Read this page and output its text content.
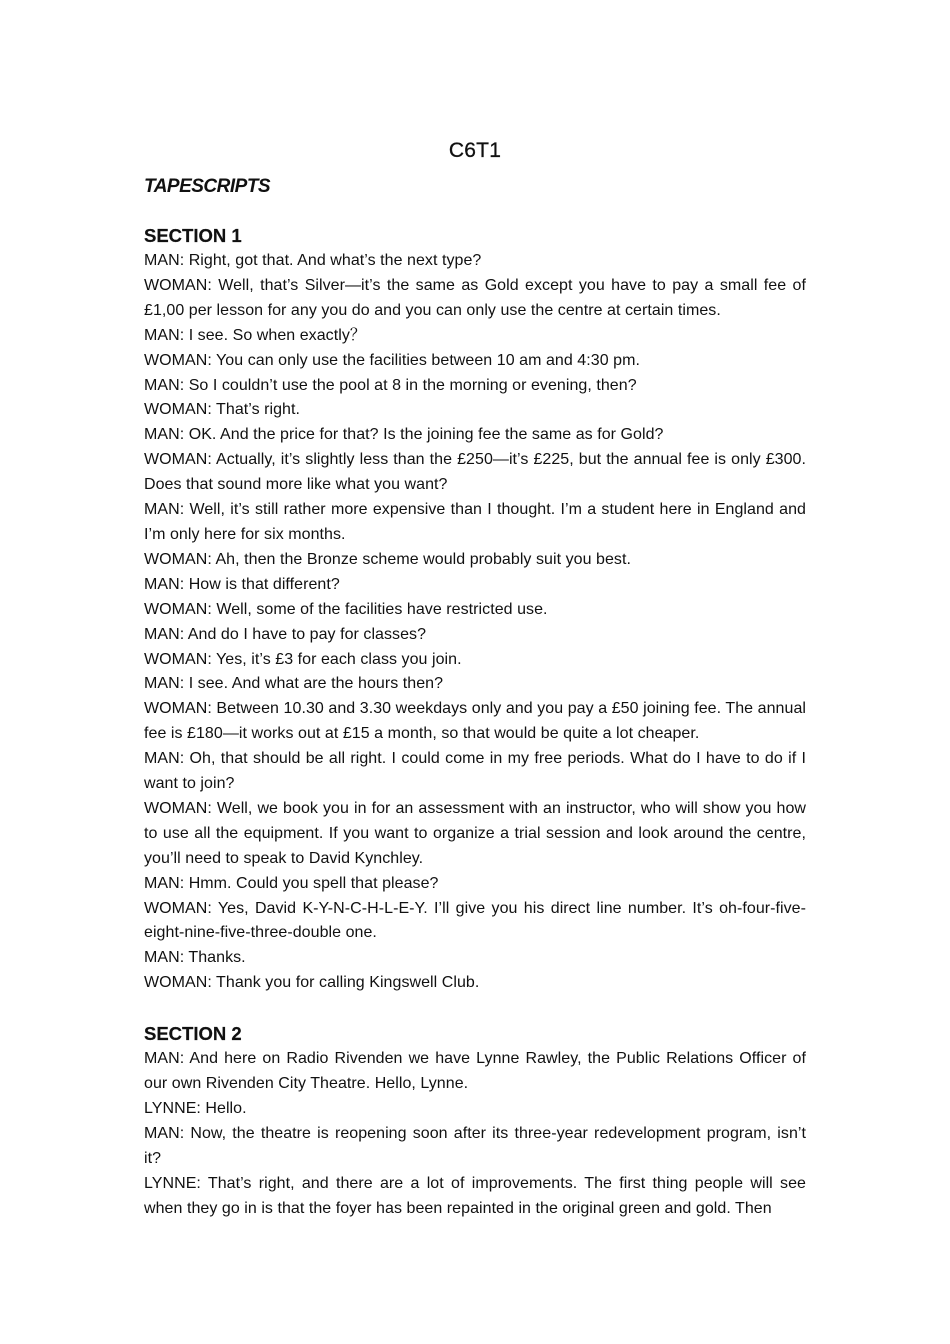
C6T1
TAPESCRIPTS
SECTION 1

MAN: Right, got that. And what’s the next type?

WOMAN: Well, that’s Silver—it’s the same as Gold except you have to pay a small fee of £1,00 per lesson for any you do and you can only use the centre at certain times.

MAN: I see. So when exactly？

WOMAN: You can only use the facilities between 10 am and 4:30 pm.

MAN: So I couldn’t use the pool at 8 in the morning or evening, then?

WOMAN: That’s right.

MAN: OK. And the price for that? Is the joining fee the same as for Gold?

WOMAN: Actually, it’s slightly less than the £250—it’s £225, but the annual fee is only £300. Does that sound more like what you want?

MAN: Well, it’s still rather more expensive than I thought. I’m a student here in England and I’m only here for six months.

WOMAN: Ah, then the Bronze scheme would probably suit you best.

MAN: How is that different?

WOMAN: Well, some of the facilities have restricted use.

MAN: And do I have to pay for classes?

WOMAN: Yes, it’s £3 for each class you join.

MAN: I see. And what are the hours then?

WOMAN: Between 10.30 and 3.30 weekdays only and you pay a £50 joining fee. The annual fee is £180—it works out at £15 a month, so that would be quite a lot cheaper.

MAN: Oh, that should be all right. I could come in my free periods. What do I have to do if I want to join?

WOMAN: Well, we book you in for an assessment with an instructor, who will show you how to use all the equipment. If you want to organize a trial session and look around the centre, you’ll need to speak to David Kynchley.

MAN: Hmm. Could you spell that please?

WOMAN: Yes, David K-Y-N-C-H-L-E-Y. I’ll give you his direct line number. It’s oh-four-five-eight-nine-five-three-double one.

MAN: Thanks.

WOMAN: Thank you for calling Kingswell Club.

SECTION 2

MAN: And here on Radio Rivenden we have Lynne Rawley, the Public Relations Officer of our own Rivenden City Theatre. Hello, Lynne.

LYNNE: Hello.

MAN: Now, the theatre is reopening soon after its three-year redevelopment program, isn’t it?

LYNNE: That’s right, and there are a lot of improvements. The first thing people will see when they go in is that the foyer has been repainted in the original green and gold. Then
